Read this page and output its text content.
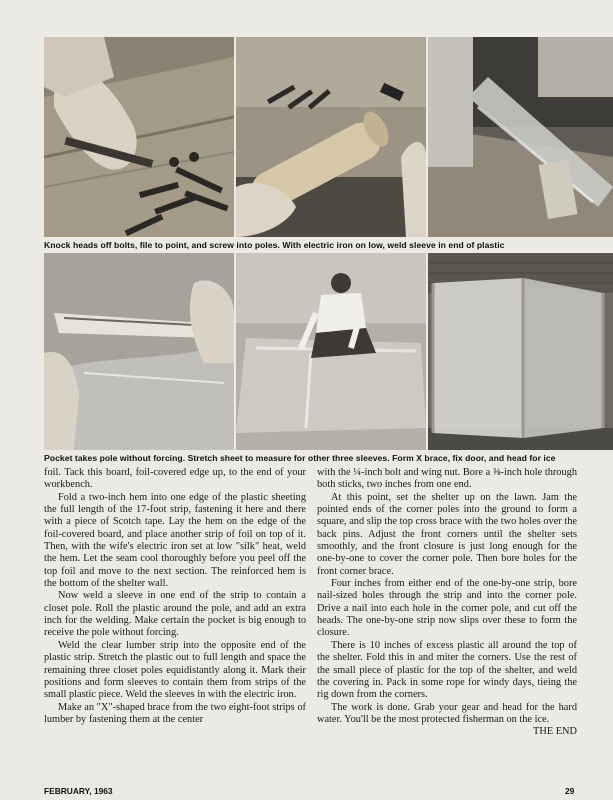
Knock heads off bolts, file to point, and screw into poles. With electric iron on low, weld sleeve in end of plastic
Pocket takes pole without forcing. Stretch sheet to measure for other three sleeves. Form X brace, fix door, and head for ice

foil. Tack this board, foil-covered edge up, to the end of your workbench.

Fold a two-inch hem into one edge of the plastic sheeting the full length of the 17-foot strip, fastening it here and there with a piece of Scotch tape. Lay the hem on the edge of the foil-covered board, and place another strip of foil on top of it. Then, with the wife's electric iron set at low "silk" heat, weld the hem. Let the seam cool thoroughly before you peel off the top foil and move to the next section. The reinforced hem is the bottom of the shelter wall.

Now weld a sleeve in one end of the strip to contain a closet pole. Roll the plastic around the pole, and add an extra inch for the welding. Make certain the pocket is big enough to receive the pole without forcing.

Weld the clear lumber strip into the opposite end of the plastic strip. Stretch the plastic out to full length and space the remaining three closet poles equidistantly along it. Mark their positions and form sleeves to contain them from strips of the small plastic piece. Weld the sleeves in with the electric iron.

Make an "X"-shaped brace from the two eight-foot strips of lumber by fastening them at the center

with the ¼-inch bolt and wing nut. Bore a ⅜-inch hole through both sticks, two inches from one end.

At this point, set the shelter up on the lawn. Jam the pointed ends of the corner poles into the ground to form a square, and slip the top cross brace with the two holes over the back pins. Adjust the front corners until the shelter sets smoothly, and the front closure is just long enough for the one-by-one to cover the corner pole. Then bore holes for the front corner brace.

Four inches from either end of the one-by-one strip, bore nail-sized holes through the strip and into the corner pole. Drive a nail into each hole in the corner pole, and cut off the heads. The one-by-one strip now slips over these to form the closure.

There is 10 inches of excess plastic all around the top of the shelter. Fold this in and miter the corners. Use the rest of the small piece of plastic for the top of the shelter, and weld the covering in. Pack in some rope for windy days, tieing the rig down from the corners.

The work is done. Grab your gear and head for the hard water. You'll be the most protected fisherman on the ice.
THE END

FEBRUARY, 1963	29
